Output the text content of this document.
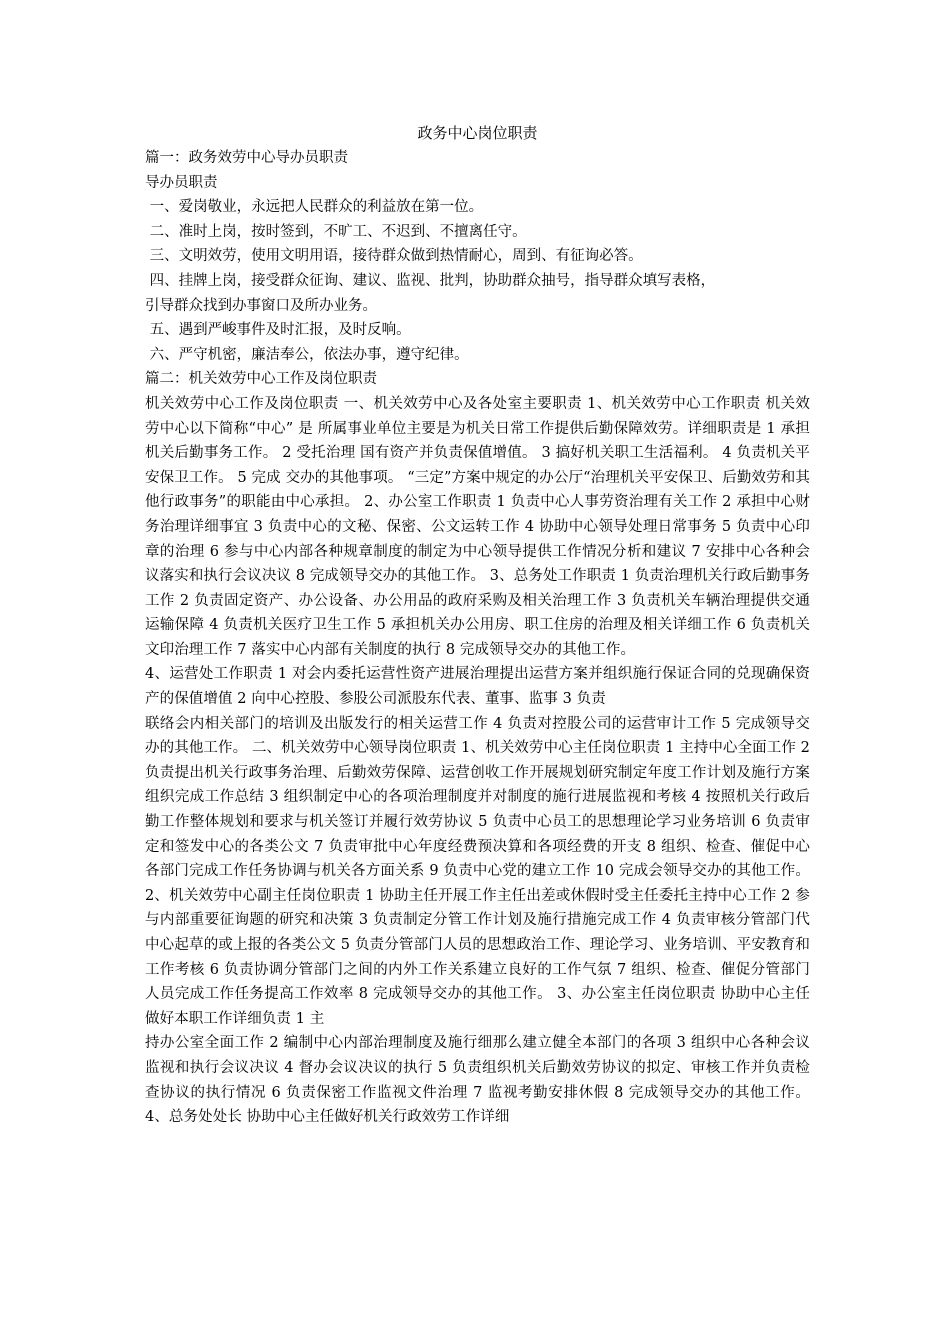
政务中心岗位职责

篇一：政务效劳中心导办员职责

导办员职责

一、爱岗敬业，永远把人民群众的利益放在第一位。

二、准时上岗，按时签到，不旷工、不迟到、不擅离任守。

三、文明效劳，使用文明用语，接待群众做到热情耐心，周到、有征询必答。

四、挂牌上岗，接受群众征询、建议、监视、批判，协助群众抽号，指导群众填写表格，

引导群众找到办事窗口及所办业务。

五、遇到严峻事件及时汇报，及时反响。

六、严守机密，廉洁奉公，依法办事，遵守纪律。

篇二：机关效劳中心工作及岗位职责

机关效劳中心工作及岗位职责 一、机关效劳中心及各处室主要职责 1、机关效劳中心工作职责 机关效劳中心以下简称“中心” 是 所属事业单位主要是为机关日常工作提供后勤保障效劳。详细职责是 1 承担机关后勤事务工作。 2 受托治理 国有资产并负责保值增值。 3 搞好机关职工生活福利。 4 负责机关平安保卫工作。 5 完成 交办的其他事项。 “三定”方案中规定的办公厅“治理机关平安保卫、后勤效劳和其他行政事务”的职能由中心承担。 2、办公室工作职责 1 负责中心人事劳资治理有关工作 2 承担中心财务治理详细事宜 3 负责中心的文秘、保密、公文运转工作 4 协助中心领导处理日常事务 5 负责中心印章的治理 6 参与中心内部各种规章制度的制定为中心领导提供工作情况分析和建议 7 安排中心各种会议落实和执行会议决议 8 完成领导交办的其他工作。 3、总务处工作职责 1 负责治理机关行政后勤事务工作 2 负责固定资产、办公设备、办公用品的政府采购及相关治理工作 3 负责机关车辆治理提供交通运输保障 4 负责机关医疗卫生工作 5 承担机关办公用房、职工住房的治理及相关详细工作 6 负责机关文印治理工作 7 落实中心内部有关制度的执行 8 完成领导交办的其他工作。

4、运营处工作职责 1 对会内委托运营性资产进展治理提出运营方案并组织施行保证合同的兑现确保资产的保值增值 2 向中心控股、参股公司派股东代表、董事、监事 3 负责

联络会内相关部门的培训及出版发行的相关运营工作 4 负责对控股公司的运营审计工作 5 完成领导交办的其他工作。 二、机关效劳中心领导岗位职责 1、机关效劳中心主任岗位职责 1 主持中心全面工作 2 负责提出机关行政事务治理、后勤效劳保障、运营创收工作开展规划研究制定年度工作计划及施行方案组织完成工作总结 3 组织制定中心的各项治理制度并对制度的施行进展监视和考核 4 按照机关行政后勤工作整体规划和要求与机关签订并履行效劳协议 5 负责中心员工的思想理论学习业务培训 6 负责审定和签发中心的各类公文 7 负责审批中心年度经费预决算和各项经费的开支 8 组织、检查、催促中心各部门完成工作任务协调与机关各方面关系 9 负责中心党的建立工作 10 完成会领导交办的其他工作。 2、机关效劳中心副主任岗位职责 1 协助主任开展工作主任出差或休假时受主任委托主持中心工作 2 参与内部重要征询题的研究和决策 3 负责制定分管工作计划及施行措施完成工作 4 负责审核分管部门代中心起草的或上报的各类公文 5 负责分管部门人员的思想政治工作、理论学习、业务培训、平安教育和工作考核 6 负责协调分管部门之间的内外工作关系建立良好的工作气氛 7 组织、检查、催促分管部门人员完成工作任务提高工作效率 8 完成领导交办的其他工作。 3、办公室主任岗位职责 协助中心主任做好本职工作详细负责 1 主

持办公室全面工作 2 编制中心内部治理制度及施行细那么建立健全本部门的各项 3 组织中心各种会议监视和执行会议决议 4 督办会议决议的执行 5 负责组织机关后勤效劳协议的拟定、审核工作并负责检查协议的执行情况 6 负责保密工作监视文件治理 7 监视考勤安排休假 8 完成领导交办的其他工作。 4、总务处处长 协助中心主任做好机关行政效劳工作详细
